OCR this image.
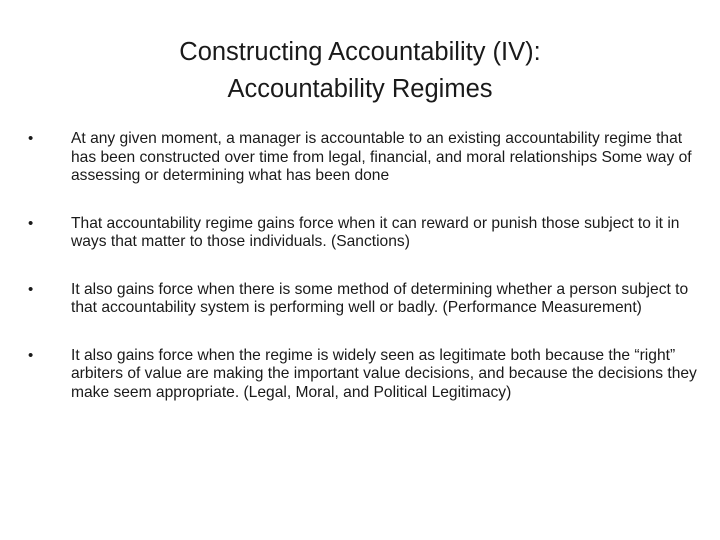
Constructing Accountability (IV):
Accountability Regimes
•	At any given moment, a manager is accountable to an existing accountability regime that has been constructed over time from legal, financial, and moral relationships Some way of assessing or determining what has been done
•	That accountability regime gains force when it can reward or punish those subject to it in ways that matter to those individuals. (Sanctions)
•	It also gains force when there is some method of determining whether a person subject to that accountability system is performing well or badly. (Performance Measurement)
•	It also gains force when the regime is widely seen as legitimate both because the “right” arbiters of value are making the important value decisions, and because the decisions they make seem appropriate. (Legal, Moral, and Political Legitimacy)
